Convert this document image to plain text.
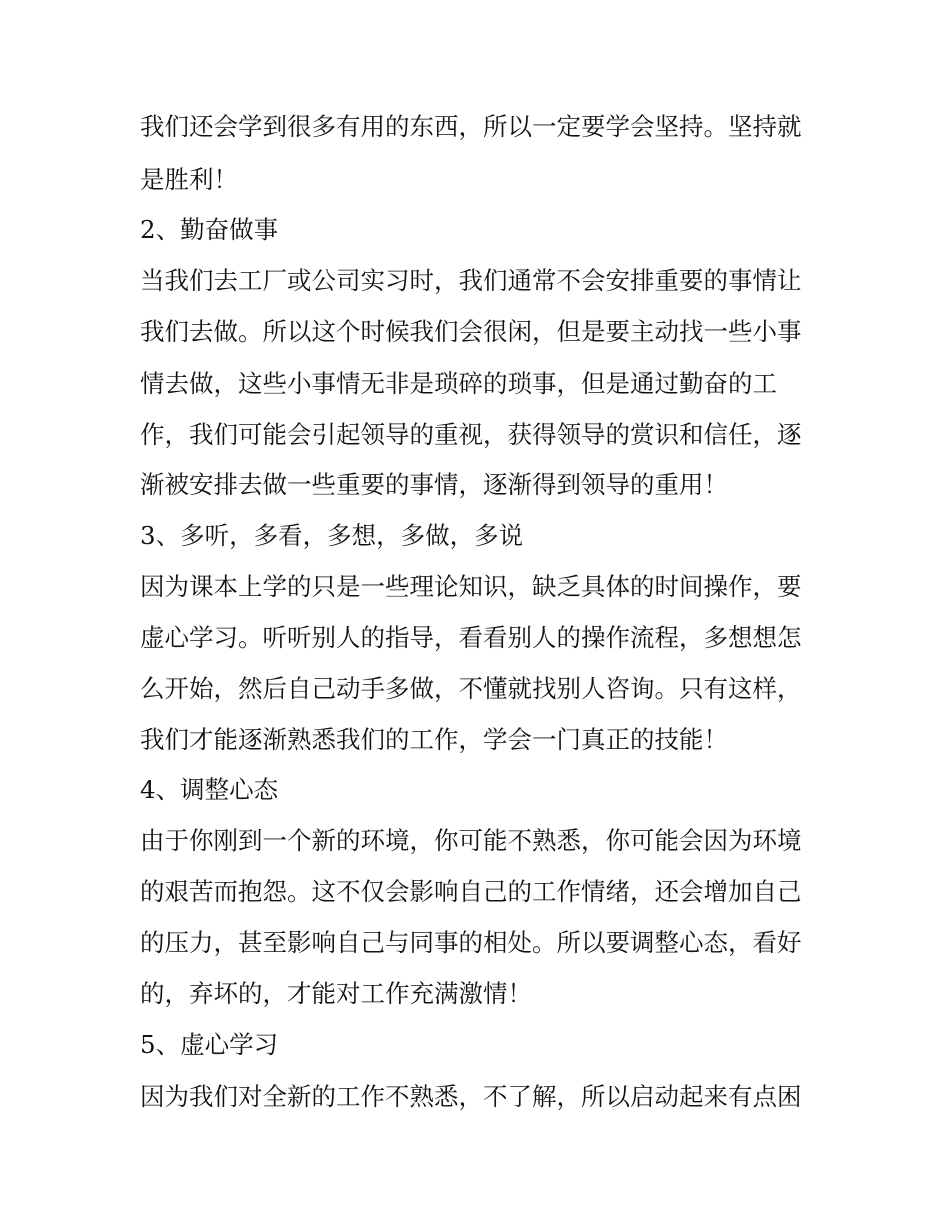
我们还会学到很多有用的东西，所以一定要学会坚持。坚持就
是胜利！
2、勤奋做事
当我们去工厂或公司实习时，我们通常不会安排重要的事情让
我们去做。所以这个时候我们会很闲，但是要主动找一些小事
情去做，这些小事情无非是琐碎的琐事，但是通过勤奋的工
作，我们可能会引起领导的重视，获得领导的赏识和信任，逐
渐被安排去做一些重要的事情，逐渐得到领导的重用！
3、多听，多看，多想，多做，多说
因为课本上学的只是一些理论知识，缺乏具体的时间操作，要
虚心学习。听听别人的指导，看看别人的操作流程，多想想怎
么开始，然后自己动手多做，不懂就找别人咨询。只有这样，
我们才能逐渐熟悉我们的工作，学会一门真正的技能！
4、调整心态
由于你刚到一个新的环境，你可能不熟悉，你可能会因为环境
的艰苦而抱怨。这不仅会影响自己的工作情绪，还会增加自己
的压力，甚至影响自己与同事的相处。所以要调整心态，看好
的，弃坏的，才能对工作充满激情！
5、虚心学习
因为我们对全新的工作不熟悉，不了解，所以启动起来有点困
